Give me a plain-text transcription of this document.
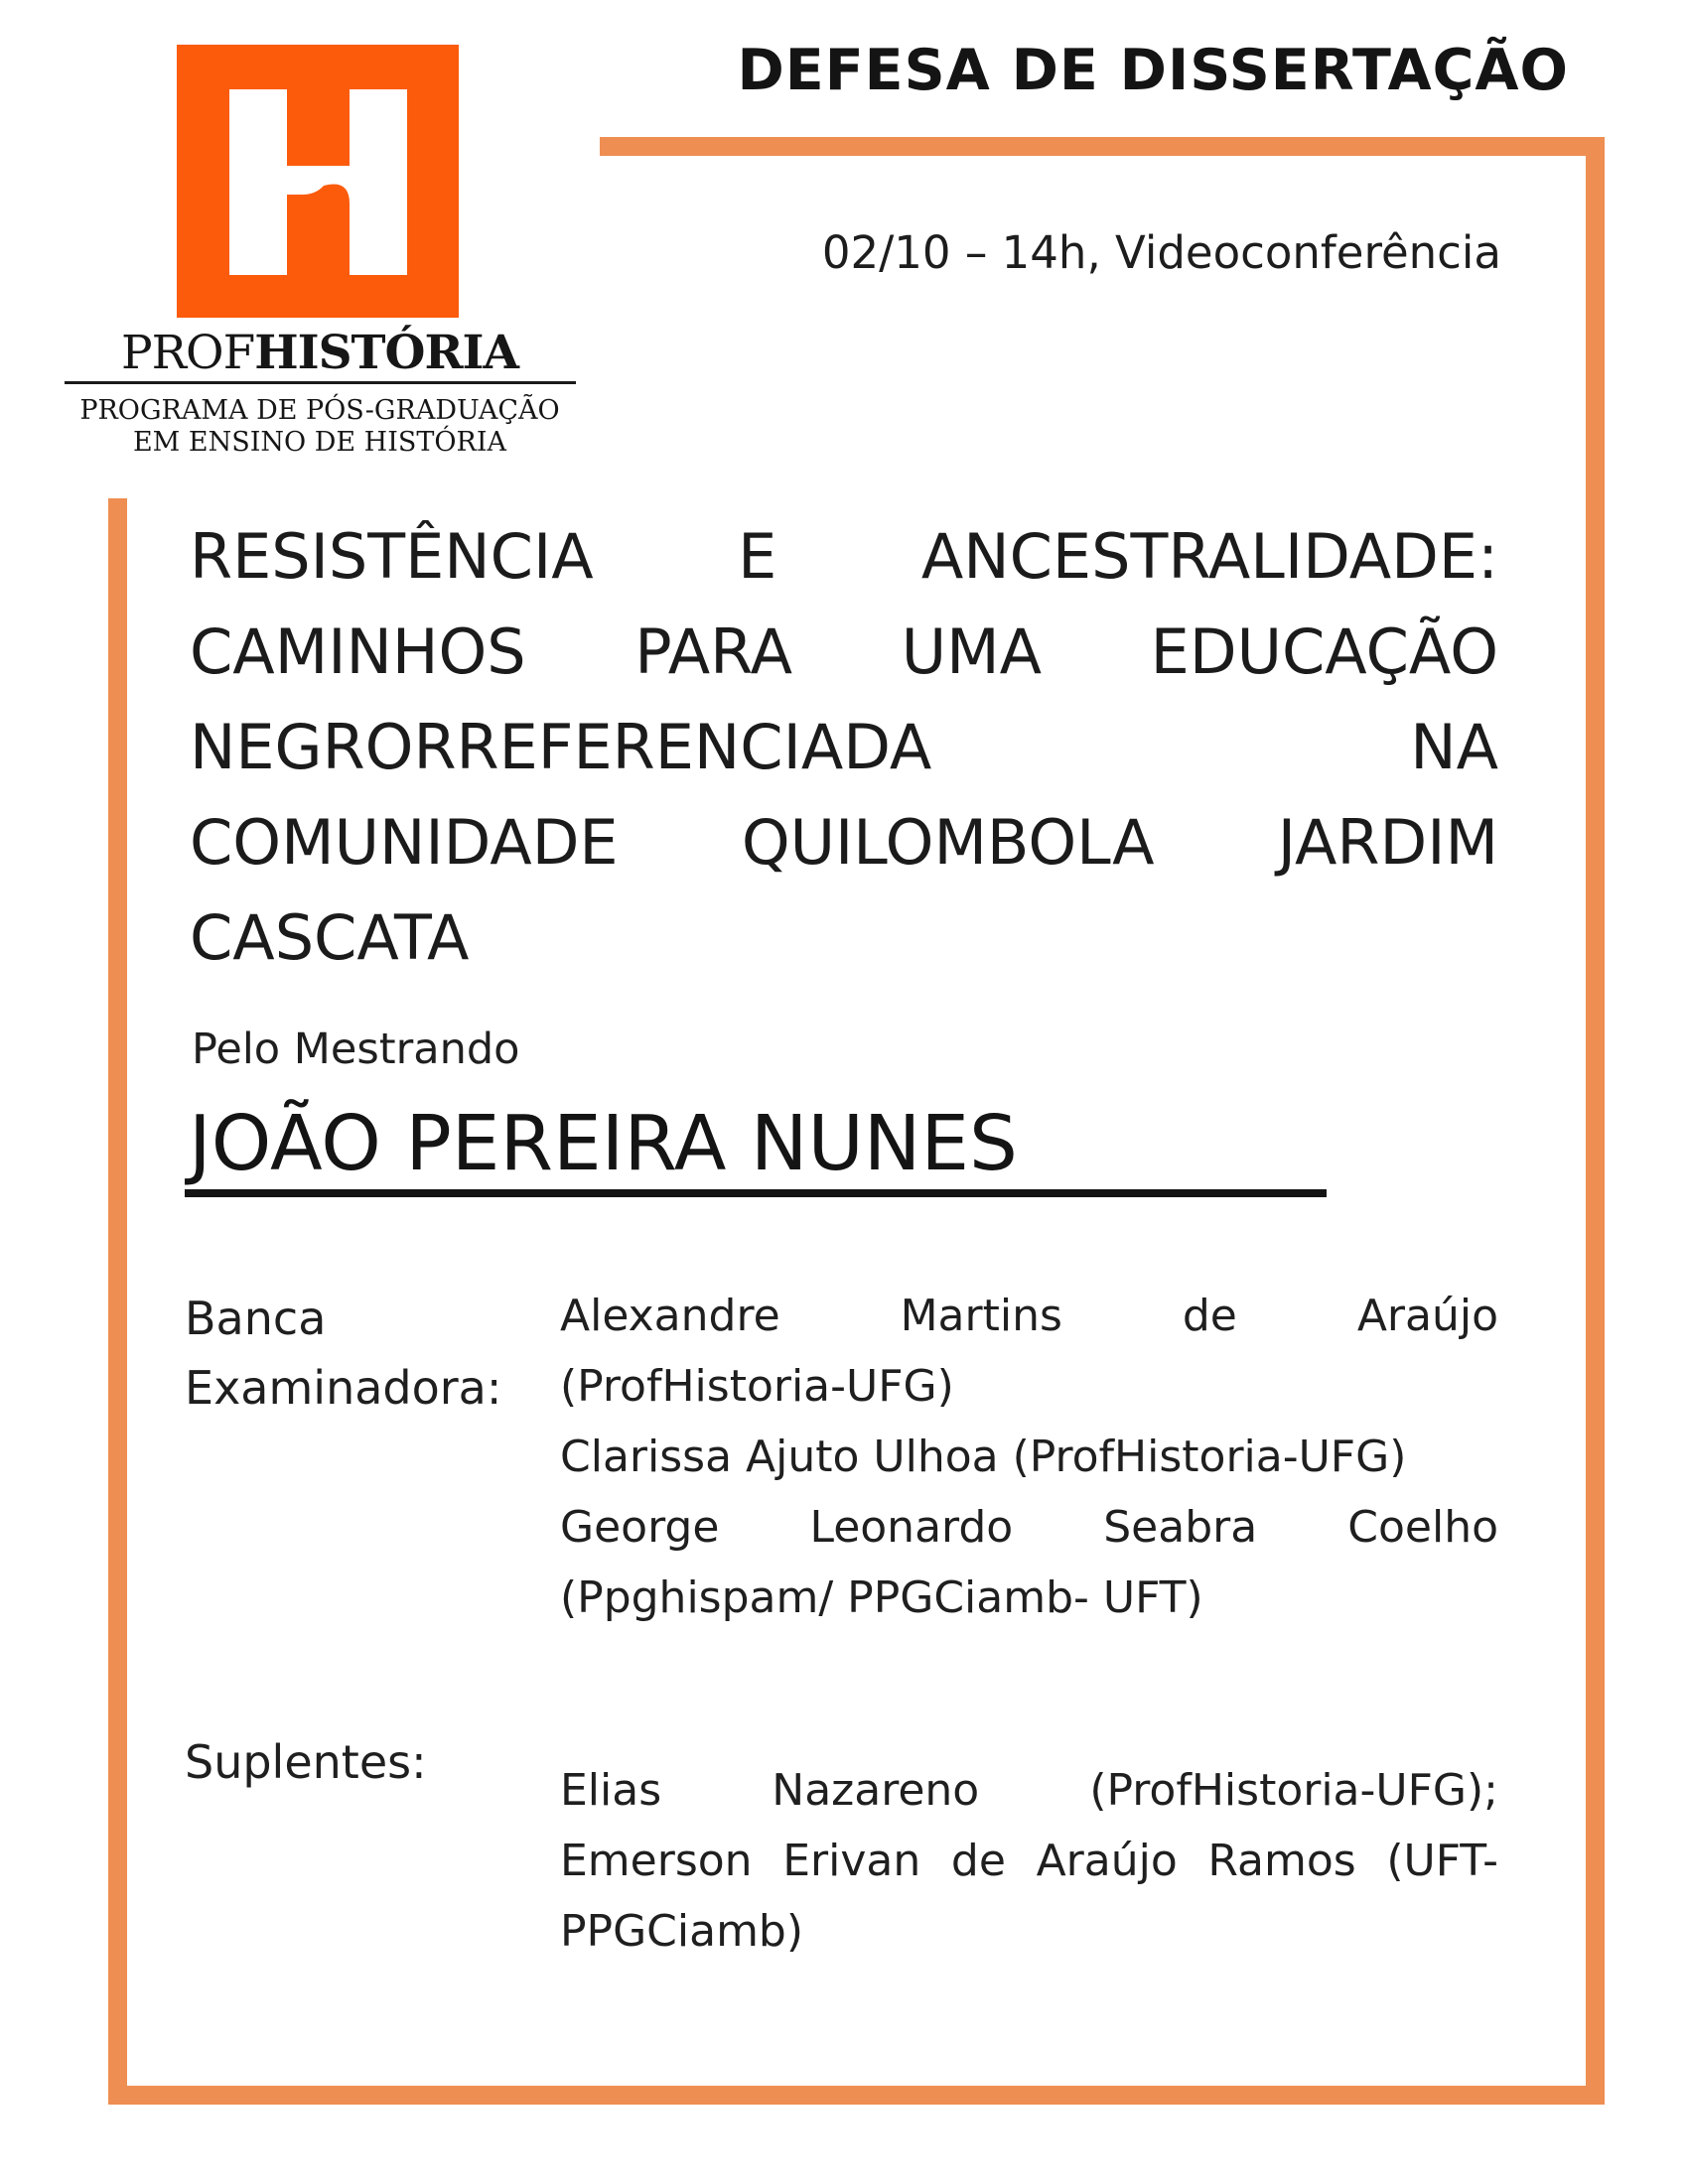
PROFHISTÓRIA
PROGRAMA DE PÓS-GRADUAÇÃO
EM ENSINO DE HISTÓRIA
DEFESA DE DISSERTAÇÃO
02/10 – 14h, Videoconferência
RESISTÊNCIA E ANCESTRALIDADE:
CAMINHOS PARA UMA EDUCAÇÃO
NEGRORREFERENCIADA NA
COMUNIDADE QUILOMBOLA JARDIM
CASCATA
Pelo Mestrando
JOÃO PEREIRA NUNES
Banca
Examinadora:
Alexandre Martins de Araújo
(ProfHistoria-UFG)
Clarissa Ajuto Ulhoa (ProfHistoria-UFG)
George Leonardo Seabra Coelho
(Ppghispam/ PPGCiamb- UFT)
Suplentes:
Elias Nazareno (ProfHistoria-UFG);
Emerson Erivan de Araújo Ramos (UFT-
PPGCiamb)
